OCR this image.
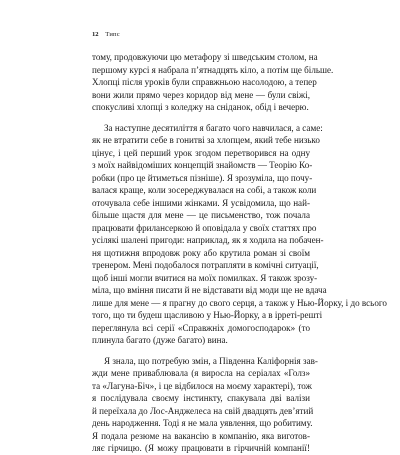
12 Типс
тому, продовжуючи цю метафору зі шведським столом, на
першому курсі я набрала п’ятнадцять кіло, а потім ще більше.
Хлопці після уроків були справжньою насолодою, а тепер
вони жили прямо через коридор від мене — були свіжі,
спокусливі хлопці з коледжу на сніданок, обід і вечерю.
За наступне десятиліття я багато чого навчилася, а саме:
як не втратити себе в гонитві за хлопцем, який тебе низько
цінує, і цей перший урок згодом перетворився на одну
з моїх найвідоміших концепцій знайомств — Теорію Ко-
робки (про це йтиметься пізніше). Я зрозуміла, що почу-
валася краще, коли зосереджувалася на собі, а також коли
оточувала себе іншими жінками. Я усвідомила, що най-
більше щастя для мене — це письменство, тож почала
працювати фрилансеркою й оповідала у своїх статтях про
усілякі шалені пригоди: наприклад, як я ходила на побачен-
ня щотижня впродовж року або крутила роман зі своїм
тренером. Мені подобалося потрапляти в комічні ситуації,
щоб інші могли вчитися на моїх помилках. Я також зрозу-
міла, що вміння писати й не відставати від моди ще не вдача
лише для мене — я прагну до свого серця, а також у Нью-Йорку, і до всього
того, що ти будеш щасливою у Нью-Йорку, а в ірреті-решті
переглянула всі серії «Справжніх домогосподарок» (то
плинула багато (дуже багато) вина.
Я знала, що потребую змін, а Південна Каліфорнія зав-
жди мене приваблювала (я виросла на серіалах «Голз»
та «Лагуна-Біч», і це відбилося на моєму характері), тож
я послідувала своєму інстинкту, спакувала дві валізи
й переїхала до Лос-Анджелеса на свій двадцять дев’ятий
день народження. Тоді я не мала уявлення, що робитиму.
Я подала резюме на вакансію в компанію, яка виготов-
ляє гірчицю. (Я можу працювати в гірчичній компанії!
